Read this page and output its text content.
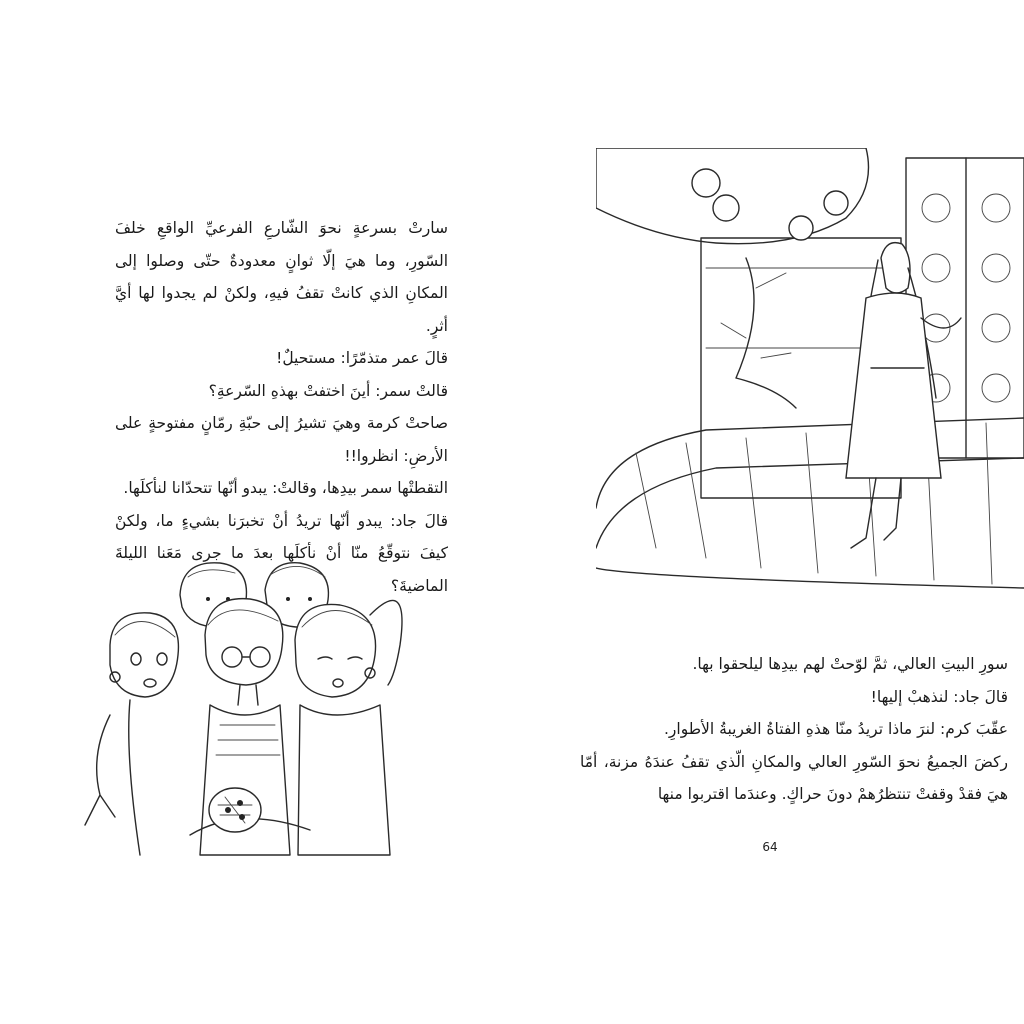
سارتْ بسرعةٍ نحوَ الشّارعِ الفرعيِّ الواقعِ خلفَ السّورِ، وما هيَ إلّا ثوانٍ معدودةٌ حتّى وصلوا إلى المكانِ الذي كانتْ تقفُ فيهِ، ولكنْ لم يجدوا لها أيَّ أثرٍ.

قالَ عمر متذمّرًا: مستحيلٌ!

قالتْ سمر: أينَ اختفتْ بهذهِ السّرعةِ؟

صاحتْ كرمة وهيَ تشيرُ إلى حبّةِ رمّانٍ مفتوحةٍ على الأرضِ: انظروا!!

التقطتْها سمر بيدِها، وقالتْ: يبدو أنّها تتحدّانا لنأكلَها.

قالَ جاد: يبدو أنّها تريدُ أنْ تخبرَنا بشيءٍ ما، ولكنْ كيفَ نتوقّعُ منّا أنْ نأكلَها بعدَ ما جرى مَعَنا الليلةَ الماضيةَ؟

سورِ البيتِ العالي، ثمَّ لوّحتْ لهم بيدِها ليلحقوا بها.

قالَ جاد: لنذهبْ إليها!

عقّبَ كرم: لنرَ ماذا تريدُ منّا هذهِ الفتاةُ الغريبةُ الأطوارِ.

ركضَ الجميعُ نحوَ السّورِ العالي والمكانِ الّذي تقفُ عندَهُ مزنة، أمّا هيَ فقدْ وقفتْ تنتظرُهمْ دونَ حراكٍ. وعندَما اقتربوا منها

64
